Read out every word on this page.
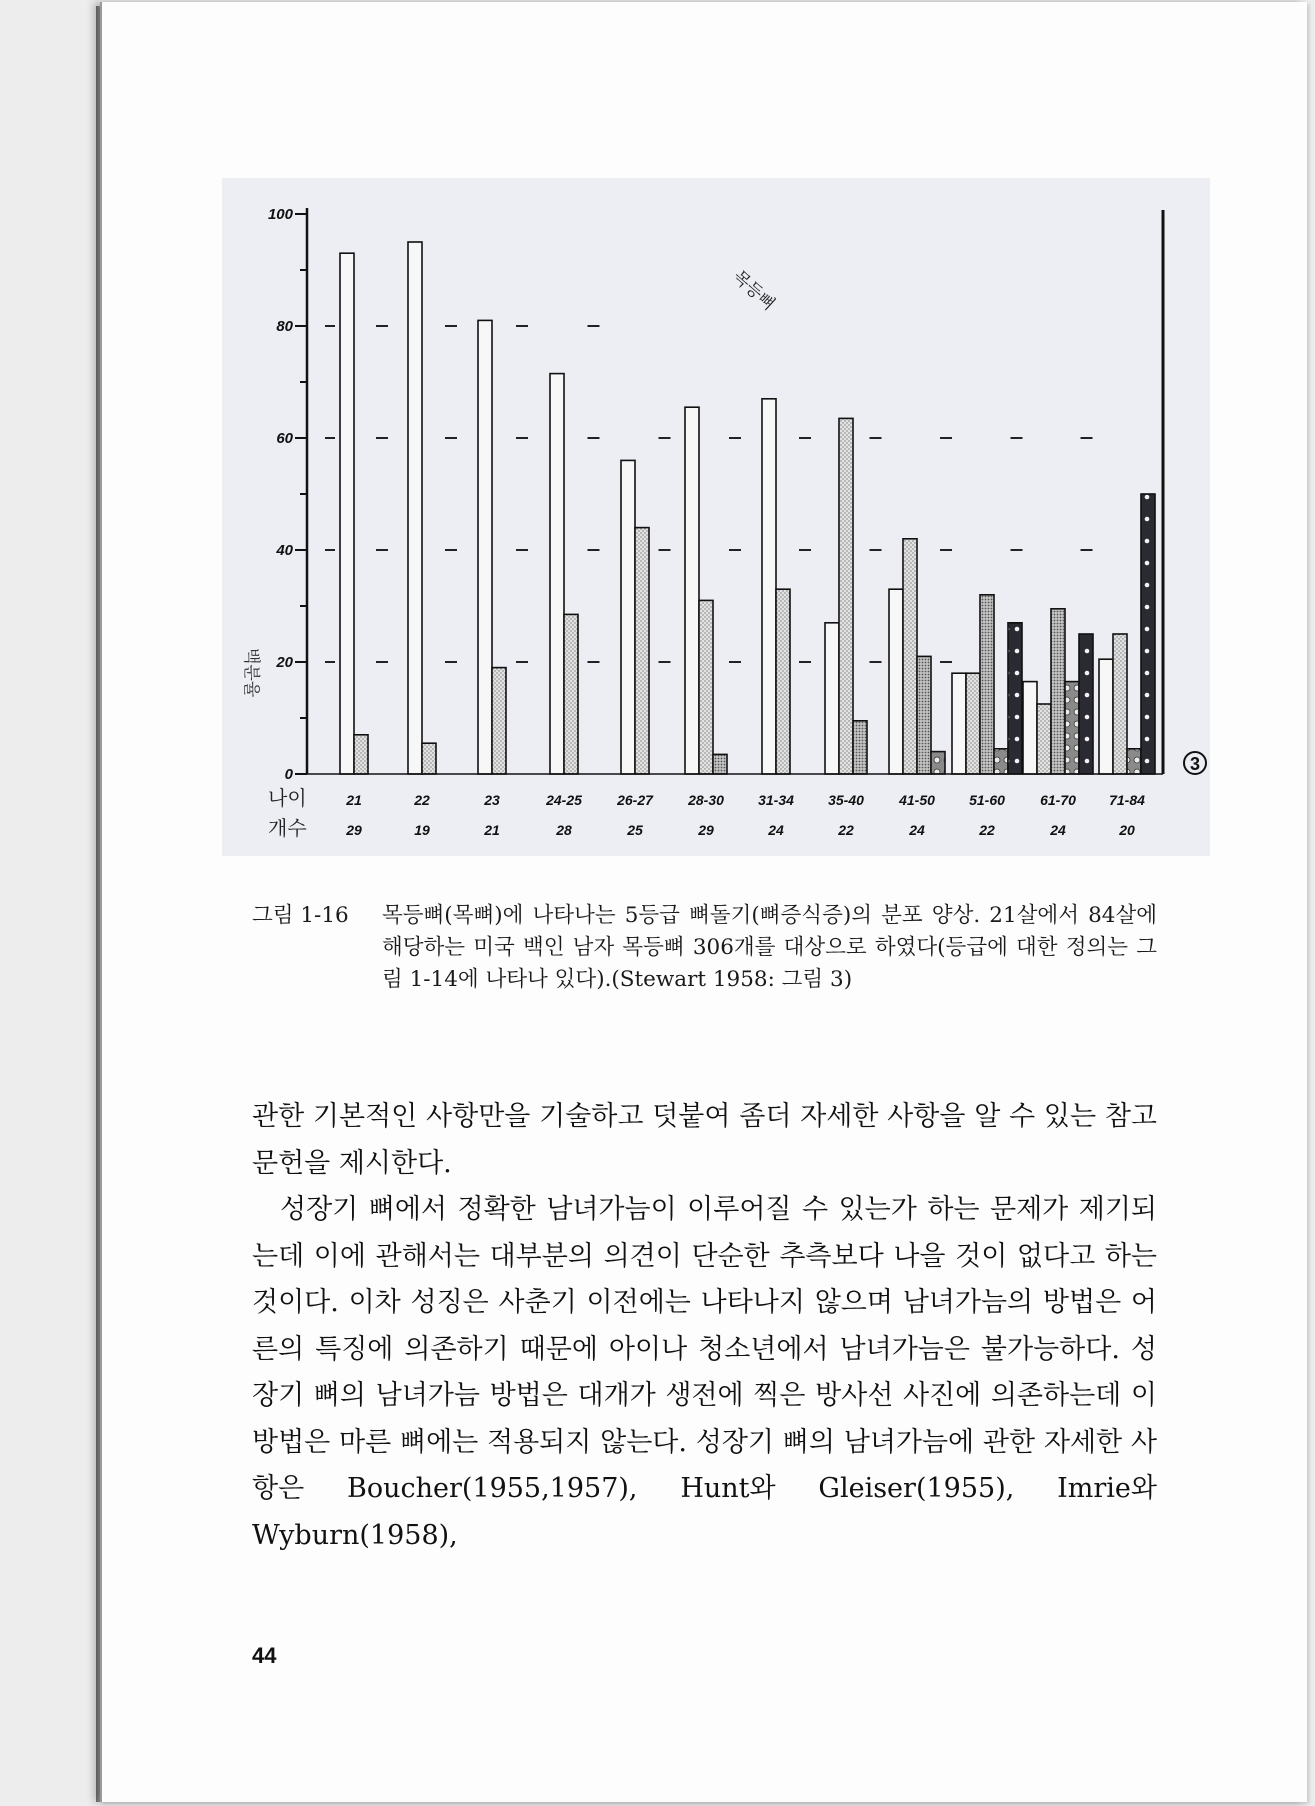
백분율
목등뼈
나이
개수
3
0
20
40
60
80
100
21
29
22
19
23
21
24-25
28
26-27
25
28-30
29
31-34
24
35-40
22
41-50
24
51-60
22
61-70
24
71-84
20
그림 1-16 목등뼈(목뼈)에 나타나는 5등급 뼈돌기(뼈증식증)의 분포 양상. 21살에서 84살에 해당하는 미국 백인 남자 목등뼈 306개를 대상으로 하였다(등급에 대한 정의는 그림 1-14에 나타나 있다).(Stewart 1958: 그림 3)

관한 기본적인 사항만을 기술하고 덧붙여 좀더 자세한 사항을 알 수 있는 참고문헌을 제시한다.

성장기 뼈에서 정확한 남녀가늠이 이루어질 수 있는가 하는 문제가 제기되는데 이에 관해서는 대부분의 의견이 단순한 추측보다 나을 것이 없다고 하는 것이다. 이차 성징은 사춘기 이전에는 나타나지 않으며 남녀가늠의 방법은 어른의 특징에 의존하기 때문에 아이나 청소년에서 남녀가늠은 불가능하다. 성장기 뼈의 남녀가늠 방법은 대개가 생전에 찍은 방사선 사진에 의존하는데 이 방법은 마른 뼈에는 적용되지 않는다. 성장기 뼈의 남녀가늠에 관한 자세한 사항은 Boucher(1955,1957), Hunt와 Gleiser(1955), Imrie와 Wyburn(1958),

44
